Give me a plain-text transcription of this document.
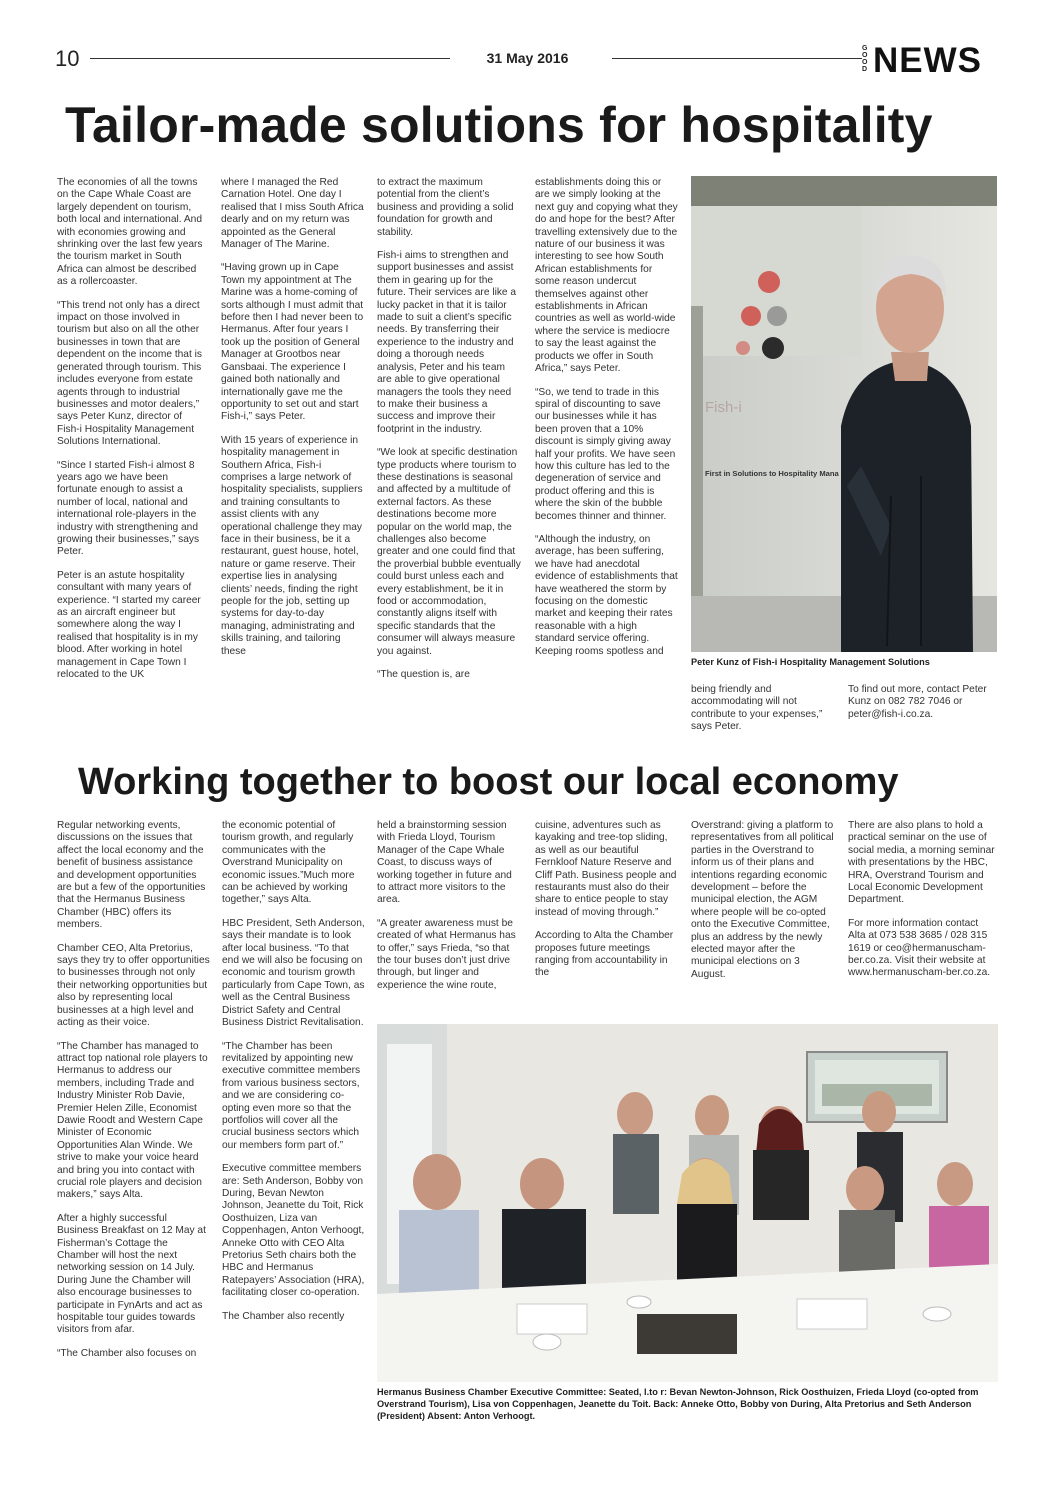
10	31 May 2016
GOOD NEWS
Tailor-made solutions for hospitality

The economies of all the towns on the Cape Whale Coast are largely dependent on tourism, both local and international. And with economies growing and shrinking over the last few years the tourism market in South Africa can almost be described as a rollercoaster.

“This trend not only has a direct impact on those involved in tourism but also on all the other businesses in town that are dependent on the income that is generated through tourism. This includes everyone from estate agents through to industrial businesses and motor dealers,” says Peter Kunz, director of Fish-i Hospitality Management Solutions International.

“Since I started Fish-i almost 8 years ago we have been fortunate enough to assist a number of local, national and international role-players in the industry with strengthening and growing their businesses,” says Peter.

Peter is an astute hospitality consultant with many years of experience. “I started my career as an aircraft engineer but somewhere along the way I realised that hospitality is in my blood. After working in hotel management in Cape Town I relocated to the UK

where I managed the Red Carnation Hotel. One day I realised that I miss South Africa dearly and on my return was appointed as the General Manager of The Marine.

“Having grown up in Cape Town my appointment at The Marine was a home-coming of sorts although I must admit that before then I had never been to Hermanus. After four years I took up the position of General Manager at Grootbos near Gansbaai. The experience I gained both nationally and internationally gave me the opportunity to set out and start Fish-i,” says Peter.

With 15 years of experience in hospitality management in Southern Africa, Fish-i comprises a large network of hospitality specialists, suppliers and training consultants to assist clients with any operational challenge they may face in their business, be it a restaurant, guest house, hotel, nature or game reserve. Their expertise lies in analysing clients’ needs, finding the right people for the job, setting up systems for day-to-day managing, administrating and skills training, and tailoring these

to extract the maximum potential from the client’s business and providing a solid foundation for growth and stability.

Fish-i aims to strengthen and support businesses and assist them in gearing up for the future. Their services are like a lucky packet in that it is tailor made to suit a client’s specific needs. By transferring their experience to the industry and doing a thorough needs analysis, Peter and his team are able to give operational managers the tools they need to make their business a success and improve their footprint in the industry.

“We look at specific destination type products where tourism to these destinations is seasonal and affected by a multitude of external factors. As these destinations become more popular on the world map, the challenges also become greater and one could find that the proverbial bubble eventually could burst unless each and every establishment, be it in food or accommodation, constantly aligns itself with specific standards that the consumer will always measure you against.

“The question is, are

establishments doing this or are we simply looking at the next guy and copying what they do and hope for the best? After travelling extensively due to the nature of our business it was interesting to see how South African establishments for some reason undercut themselves against other establishments in African countries as well as world-wide where the service is mediocre to say the least against the products we offer in South Africa,” says Peter.

“So, we tend to trade in this spiral of discounting to save our businesses while it has been proven that a 10% discount is simply giving away half your profits. We have seen how this culture has led to the degeneration of service and product offering and this is where the skin of the bubble becomes thinner and thinner.

“Although the industry, on average, has been suffering, we have had anecdotal evidence of establishments that have weathered the storm by focusing on the domestic market and keeping their rates reasonable with a high standard service offering. Keeping rooms spotless and

Fish-i
First in Solutions to Hospitality Mana
Peter Kunz of Fish-i Hospitality Management Solutions

being friendly and accommodating will not contribute to your expenses,” says Peter.

To find out more, contact Peter Kunz on 082 782 7046 or peter@fish-i.co.za.

Working together to boost our local economy

Regular networking events, discussions on the issues that affect the local economy and the benefit of business assistance and development opportunities are but a few of the opportunities that the Hermanus Business Chamber (HBC) offers its members.

Chamber CEO, Alta Pretorius, says they try to offer opportunities to businesses through not only their networking opportunities but also by representing local businesses at a high level and acting as their voice.

“The Chamber has managed to attract top national role players to Hermanus to address our members, including Trade and Industry Minister Rob Davie, Premier Helen Zille, Economist Dawie Roodt and Western Cape Minister of Economic Opportunities Alan Winde. We strive to make your voice heard and bring you into contact with crucial role players and decision makers,” says Alta.

After a highly successful Business Breakfast on 12 May at Fisherman’s Cottage the Chamber will host the next networking session on 14 July. During June the Chamber will also encourage businesses to participate in FynArts and act as hospitable tour guides towards visitors from afar.

“The Chamber also focuses on

the economic potential of tourism growth, and regularly communicates with the Overstrand Municipality on economic issues.”Much more can be achieved by working together,” says Alta.

HBC President, Seth Anderson, says their mandate is to look after local business. “To that end we will also be focusing on economic and tourism growth particularly from Cape Town, as well as the Central Business District Safety and Central Business District Revitalisation.

“The Chamber has been revitalized by appointing new executive committee members from various business sectors, and we are considering co-opting even more so that the portfolios will cover all the crucial business sectors which our members form part of.”

Executive committee members are: Seth Anderson, Bobby von During, Bevan Newton Johnson, Jeanette du Toit, Rick Oosthuizen, Liza van Coppenhagen, Anton Verhoogt, Anneke Otto with CEO Alta Pretorius Seth chairs both the HBC and Hermanus Ratepayers’ Association (HRA), facilitating closer co-operation.

The Chamber also recently

held a brainstorming session with Frieda Lloyd, Tourism Manager of the Cape Whale Coast, to discuss ways of working together in future and to attract more visitors to the area.

“A greater awareness must be created of what Hermanus has to offer,” says Frieda, “so that the tour buses don’t just drive through, but linger and experience the wine route,

cuisine, adventures such as kayaking and tree-top sliding, as well as our beautiful Fernkloof Nature Reserve and Cliff Path. Business people and restaurants must also do their share to entice people to stay instead of moving through.”

According to Alta the Chamber proposes future meetings ranging from accountability in the

Overstrand: giving a platform to representatives from all political parties in the Overstrand to inform us of their plans and intentions regarding economic development – before the municipal election, the AGM where people will be co-opted onto the Executive Committee, plus an address by the newly elected mayor after the municipal elections on 3 August.

There are also plans to hold a practical seminar on the use of social media, a morning seminar with presentations by the HBC, HRA, Overstrand Tourism and Local Economic Development Department.

For more information contact Alta at 073 538 3685 / 028 315 1619 or ceo@hermanuscham-ber.co.za. Visit their website at www.hermanuscham-ber.co.za.

Hermanus Business Chamber Executive Committee: Seated, l.to r: Bevan Newton-Johnson, Rick Oosthuizen, Frieda Lloyd (co-opted from Overstrand Tourism), Lisa von Coppenhagen, Jeanette du Toit. Back: Anneke Otto, Bobby von During, Alta Pretorius and Seth Anderson (President) Absent: Anton Verhoogt.
